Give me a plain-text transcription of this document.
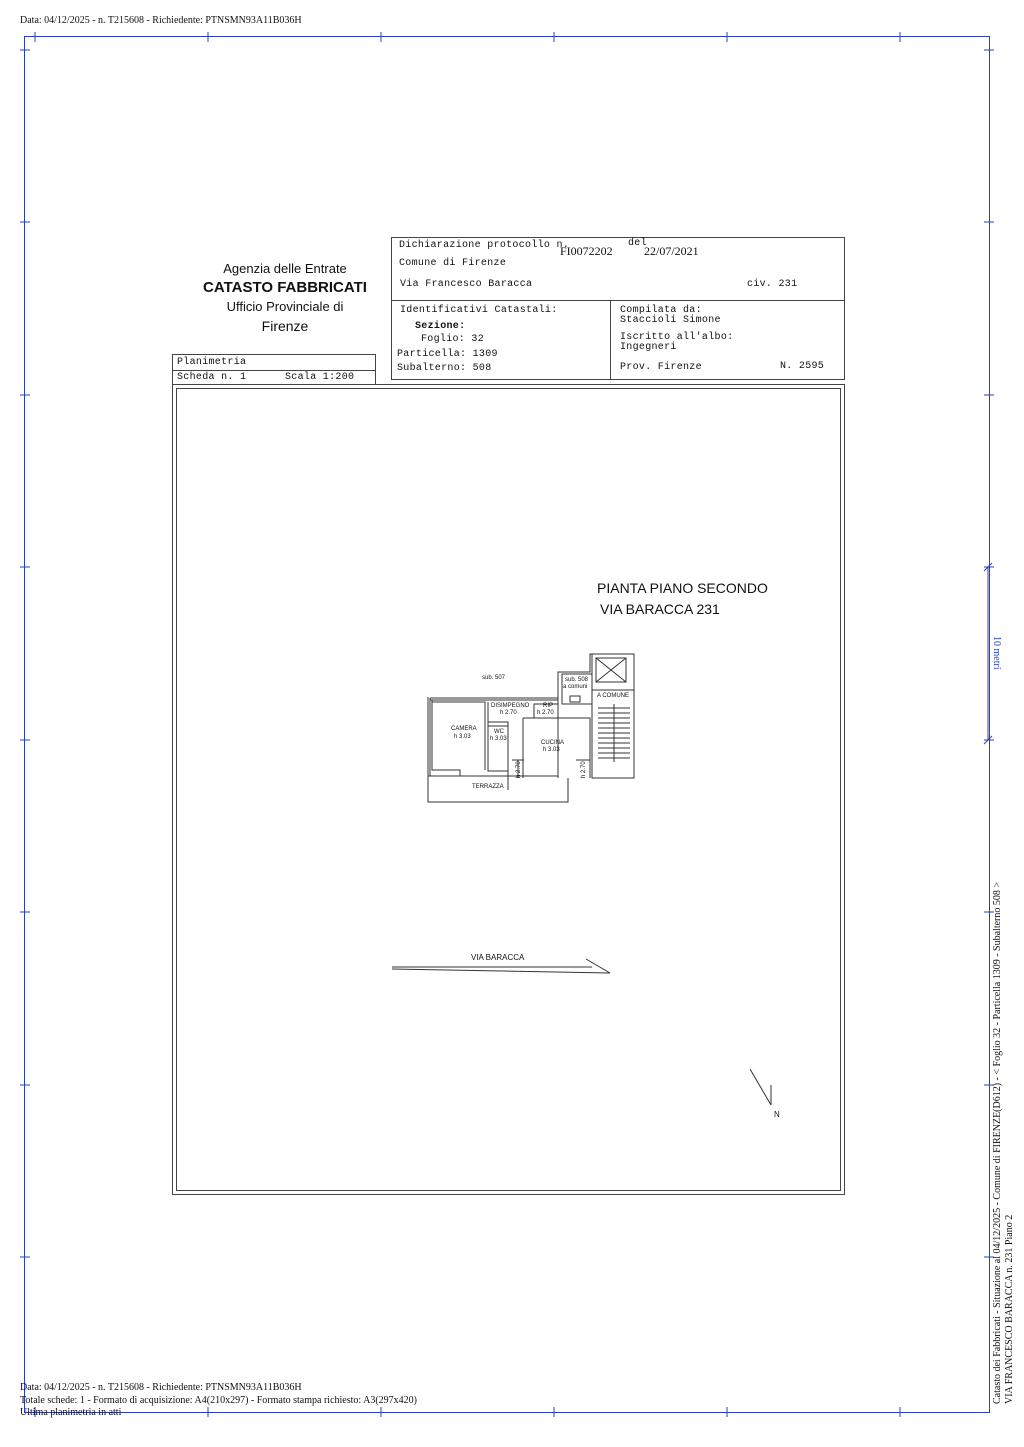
Data: 04/12/2025 - n. T215608 - Richiedente: PTNSMN93A11B036H
10 metri
Agenzia delle Entrate
CATASTO FABBRICATI
Ufficio Provinciale di
Firenze
Dichiarazione protocollo n.
FI0072202
del
22/07/2021
Comune di Firenze
Via Francesco Baracca	civ. 231
Identificativi Catastali:
Sezione:
Foglio: 32
Particella: 1309
Subalterno: 508
Compilata da:
Staccioli Simone
Iscritto all'albo:
Ingegneri
Prov. Firenze	N. 2595
Planimetria
Scheda n. 1	Scala 1:200
PIANTA PIANO SECONDO
VIA BARACCA 231
sub. 507	sub. 508
a comuni
A COMUNE
DISIMPEGNO
h 2.70
RIP
h 2.70
CAMERA
h 3.03
WC
h 3.03
CUCINA
h 3.03
h 2.70	h 2.70
TERRAZZA
VIA BARACCA
N	Catasto dei Fabbricati - Situazione al 04/12/2025 - Comune di FIRENZE(D612) - < Foglio 32 - Particella 1309 - Subalterno 508 > VIA FRANCESCO BARACCA n. 231 Piano 2
Data: 04/12/2025 - n. T215608 - Richiedente: PTNSMN93A11B036H
Totale schede: 1 - Formato di acquisizione: A4(210x297) - Formato stampa richiesto: A3(297x420)
Ultima planimetria in atti
